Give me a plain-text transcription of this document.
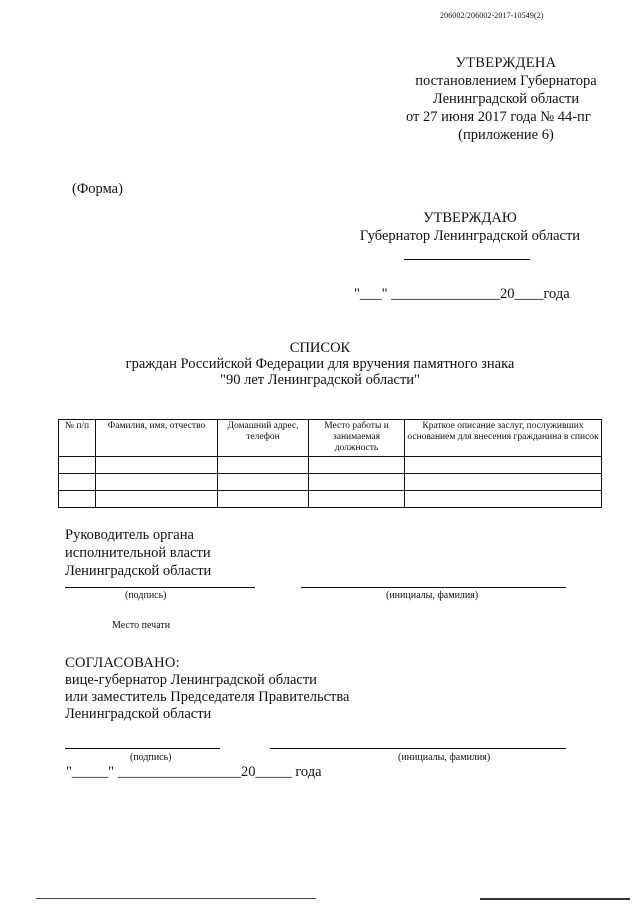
206002/206002-2017-10549(2)
УТВЕРЖДЕНА
постановлением Губернатора
Ленинградской области
от 27 июня 2017 года № 44-пг
(приложение 6)
(Форма)
УТВЕРЖДАЮ
Губернатор Ленинградской области
"___" _______________20____года
СПИСОК
граждан Российской Федерации для вручения памятного знака
"90 лет Ленинградской области"
№ п/п	Фамилия, имя, отчество	Домашний адрес, телефон	Место работы и занимаемая должность	Краткое описание заслуг, послуживших основанием для внесения гражданина в список

Руководитель органа
исполнительной власти
Ленинградской области
(подпись)	(инициалы, фамилия)
Место печати
СОГЛАСОВАНО:
вице-губернатор Ленинградской области
или заместитель Председателя Правительства
Ленинградской области
(подпись)	(инициалы, фамилия)
"_____" _________________20_____ года
